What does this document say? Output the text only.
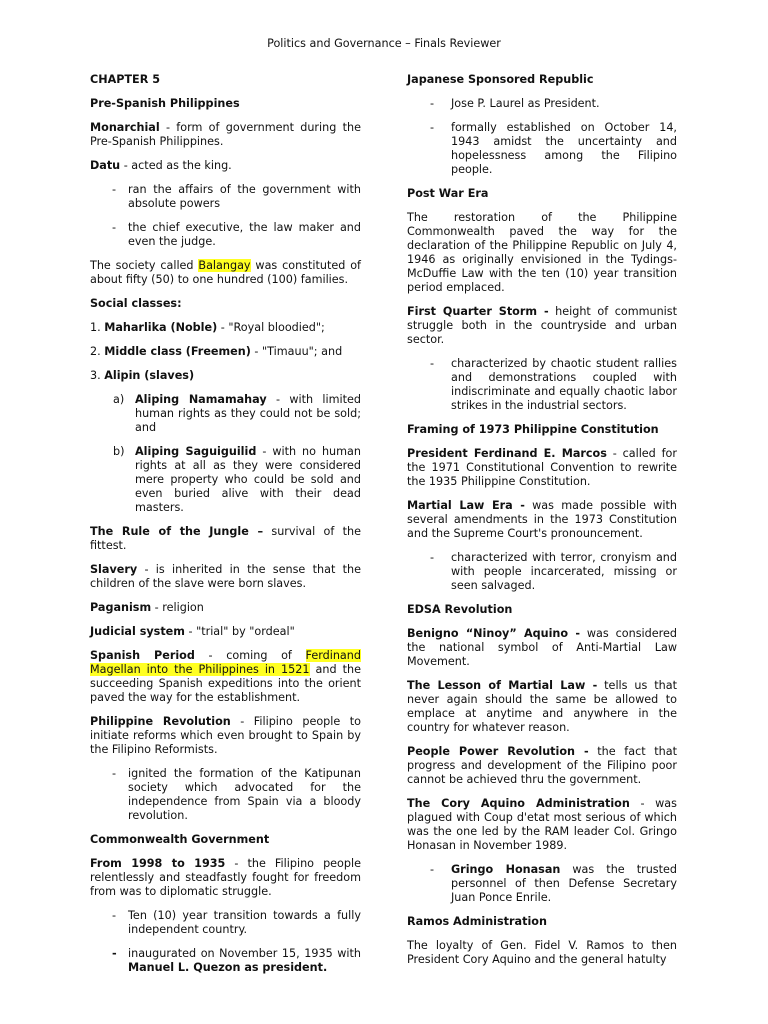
Politics and Governance – Finals Reviewer
CHAPTER 5
Pre-Spanish Philippines

Monarchial - form of government during the Pre-Spanish Philippines.

Datu - acted as the king.

- ran the affairs of the government with absolute powers
- the chief executive, the law maker and even the judge.

The society called Balangay was constituted of about fifty (50) to one hundred (100) families.

Social classes:

1. Maharlika (Noble) - "Royal bloodied";

2. Middle class (Freemen) - "Timauu"; and

3. Alipin (slaves)

a) Aliping Namamahay - with limited human rights as they could not be sold; and
b) Aliping Saguiguilid - with no human rights at all as they were considered mere property who could be sold and even buried alive with their dead masters.

The Rule of the Jungle – survival of the fittest.

Slavery - is inherited in the sense that the children of the slave were born slaves.

Paganism - religion

Judicial system - "trial" by "ordeal"

Spanish Period - coming of Ferdinand Magellan into the Philippines in 1521 and the succeeding Spanish expeditions into the orient paved the way for the establishment.

Philippine Revolution - Filipino people to initiate reforms which even brought to Spain by the Filipino Reformists.

- ignited the formation of the Katipunan society which advocated for the independence from Spain via a bloody revolution.
Commonwealth Government

From 1998 to 1935 - the Filipino people relentlessly and steadfastly fought for freedom from was to diplomatic struggle.

- Ten (10) year transition towards a fully independent country.
- inaugurated on November 15, 1935 with Manuel L. Quezon as president.
Japanese Sponsored Republic
- Jose P. Laurel as President.
- formally established on October 14, 1943 amidst the uncertainty and hopelessness among the Filipino people.
Post War Era

The restoration of the Philippine Commonwealth paved the way for the declaration of the Philippine Republic on July 4, 1946 as originally envisioned in the Tydings-McDuffie Law with the ten (10) year transition period emplaced.

First Quarter Storm - height of communist struggle both in the countryside and urban sector.

- characterized by chaotic student rallies and demonstrations coupled with indiscriminate and equally chaotic labor strikes in the industrial sectors.
Framing of 1973 Philippine Constitution

President Ferdinand E. Marcos - called for the 1971 Constitutional Convention to rewrite the 1935 Philippine Constitution.

Martial Law Era - was made possible with several amendments in the 1973 Constitution and the Supreme Court's pronouncement.

- characterized with terror, cronyism and with people incarcerated, missing or seen salvaged.
EDSA Revolution

Benigno “Ninoy” Aquino - was considered the national symbol of Anti-Martial Law Movement.

The Lesson of Martial Law - tells us that never again should the same be allowed to emplace at anytime and anywhere in the country for whatever reason.

People Power Revolution - the fact that progress and development of the Filipino poor cannot be achieved thru the government.

The Cory Aquino Administration - was plagued with Coup d'etat most serious of which was the one led by the RAM leader Col. Gringo Honasan in November 1989.

- Gringo Honasan was the trusted personnel of then Defense Secretary Juan Ponce Enrile.
Ramos Administration

The loyalty of Gen. Fidel V. Ramos to then President Cory Aquino and the general hatulty
